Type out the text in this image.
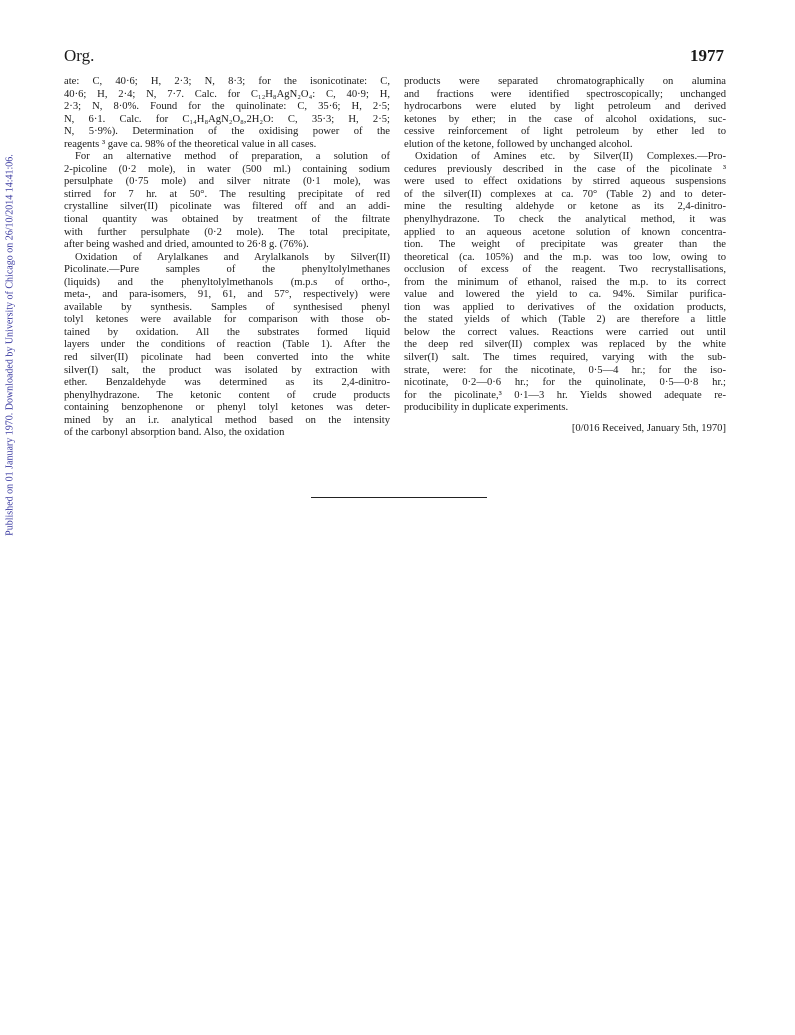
Org.	1977
Published on 01 January 1970. Downloaded by University of Chicago on 26/10/2014 14:41:06.
ate: C, 40·6; H, 2·3; N, 8·3; for the isonicotinate: C,
40·6; H, 2·4; N, 7·7. Calc. for C₁₂H₈AgN₂O₄: C, 40·9; H,
2·3; N, 8·0%. Found for the quinolinate: C, 35·6; H, 2·5;
N, 6·1. Calc. for C₁₄H₈AgN₂O₈,2H₂O: C, 35·3; H, 2·5;
N, 5·9%). Determination of the oxidising power of the
reagents ³ gave ca. 98% of the theoretical value in all cases.
For an alternative method of preparation, a solution of
2-picoline (0·2 mole), in water (500 ml.) containing sodium
persulphate (0·75 mole) and silver nitrate (0·1 mole), was
stirred for 7 hr. at 50°. The resulting precipitate of red
crystalline silver(II) picolinate was filtered off and an addi-
tional quantity was obtained by treatment of the filtrate
with further persulphate (0·2 mole). The total precipitate,
after being washed and dried, amounted to 26·8 g. (76%).
Oxidation of Arylalkanes and Arylalkanols by Silver(II)
Picolinate.—Pure samples of the phenyltolylmethanes
(liquids) and the phenyltolylmethanols (m.p.s of ortho-,
meta-, and para-isomers, 91, 61, and 57°, respectively) were
available by synthesis. Samples of synthesised phenyl
tolyl ketones were available for comparison with those ob-
tained by oxidation. All the substrates formed liquid
layers under the conditions of reaction (Table 1). After the
red silver(II) picolinate had been converted into the white
silver(I) salt, the product was isolated by extraction with
ether. Benzaldehyde was determined as its 2,4-dinitro-
phenylhydrazone. The ketonic content of crude products
containing benzophenone or phenyl tolyl ketones was deter-
mined by an i.r. analytical method based on the intensity
of the carbonyl absorption band. Also, the oxidation
products were separated chromatographically on alumina
and fractions were identified spectroscopically; unchanged
hydrocarbons were eluted by light petroleum and derived
ketones by ether; in the case of alcohol oxidations, suc-
cessive reinforcement of light petroleum by ether led to
elution of the ketone, followed by unchanged alcohol.
Oxidation of Amines etc. by Silver(II) Complexes.—Pro-
cedures previously described in the case of the picolinate ³
were used to effect oxidations by stirred aqueous suspensions
of the silver(II) complexes at ca. 70° (Table 2) and to deter-
mine the resulting aldehyde or ketone as its 2,4-dinitro-
phenylhydrazone. To check the analytical method, it was
applied to an aqueous acetone solution of known concentra-
tion. The weight of precipitate was greater than the
theoretical (ca. 105%) and the m.p. was too low, owing to
occlusion of excess of the reagent. Two recrystallisations,
from the minimum of ethanol, raised the m.p. to its correct
value and lowered the yield to ca. 94%. Similar purifica-
tion was applied to derivatives of the oxidation products,
the stated yields of which (Table 2) are therefore a little
below the correct values. Reactions were carried out until
the deep red silver(II) complex was replaced by the white
silver(I) salt. The times required, varying with the sub-
strate, were: for the nicotinate, 0·5—4 hr.; for the iso-
nicotinate, 0·2—0·6 hr.; for the quinolinate, 0·5—0·8 hr.;
for the picolinate,³ 0·1—3 hr. Yields showed adequate re-
producibility in duplicate experiments.
[0/016 Received, January 5th, 1970]
